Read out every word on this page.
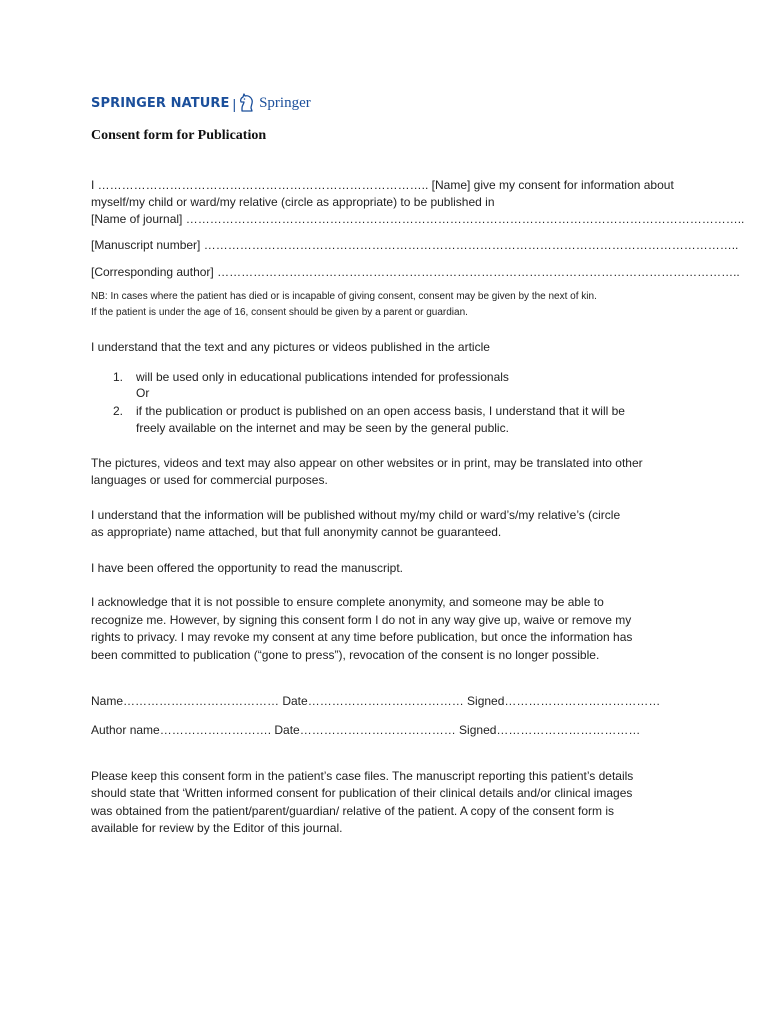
SPRINGER NATURE | Springer
Consent form for Publication
I ……………………………………………………………………….. [Name] give my consent for information about
myself/my child or ward/my relative (circle as appropriate) to be published in
[Name of journal] …………………………………………………………………………………………………………………………..
[Manuscript number] ……………………………………………………………………………………………………………………..
[Corresponding author] …………………………………………………………………………………………………………………..
NB: In cases where the patient has died or is incapable of giving consent, consent may be given by the next of kin.
If the patient is under the age of 16, consent should be given by a parent or guardian.
I understand that the text and any pictures or videos published in the article
1. will be used only in educational publications intended for professionals
Or
2. if the publication or product is published on an open access basis, I understand that it will be
freely available on the internet and may be seen by the general public.
The pictures, videos and text may also appear on other websites or in print, may be translated into other
languages or used for commercial purposes.
I understand that the information will be published without my/my child or ward’s/my relative’s (circle
as appropriate) name attached, but that full anonymity cannot be guaranteed.
I have been offered the opportunity to read the manuscript.
I acknowledge that it is not possible to ensure complete anonymity, and someone may be able to
recognize me. However, by signing this consent form I do not in any way give up, waive or remove my
rights to privacy. I may revoke my consent at any time before publication, but once the information has
been committed to publication (“gone to press”), revocation of the consent is no longer possible.
Name………………………………… Date………………………………… Signed…………………………………
Author name………………………. Date………………………………… Signed………………………………
Please keep this consent form in the patient’s case files. The manuscript reporting this patient’s details
should state that ‘Written informed consent for publication of their clinical details and/or clinical images
was obtained from the patient/parent/guardian/ relative of the patient. A copy of the consent form is
available for review by the Editor of this journal.
